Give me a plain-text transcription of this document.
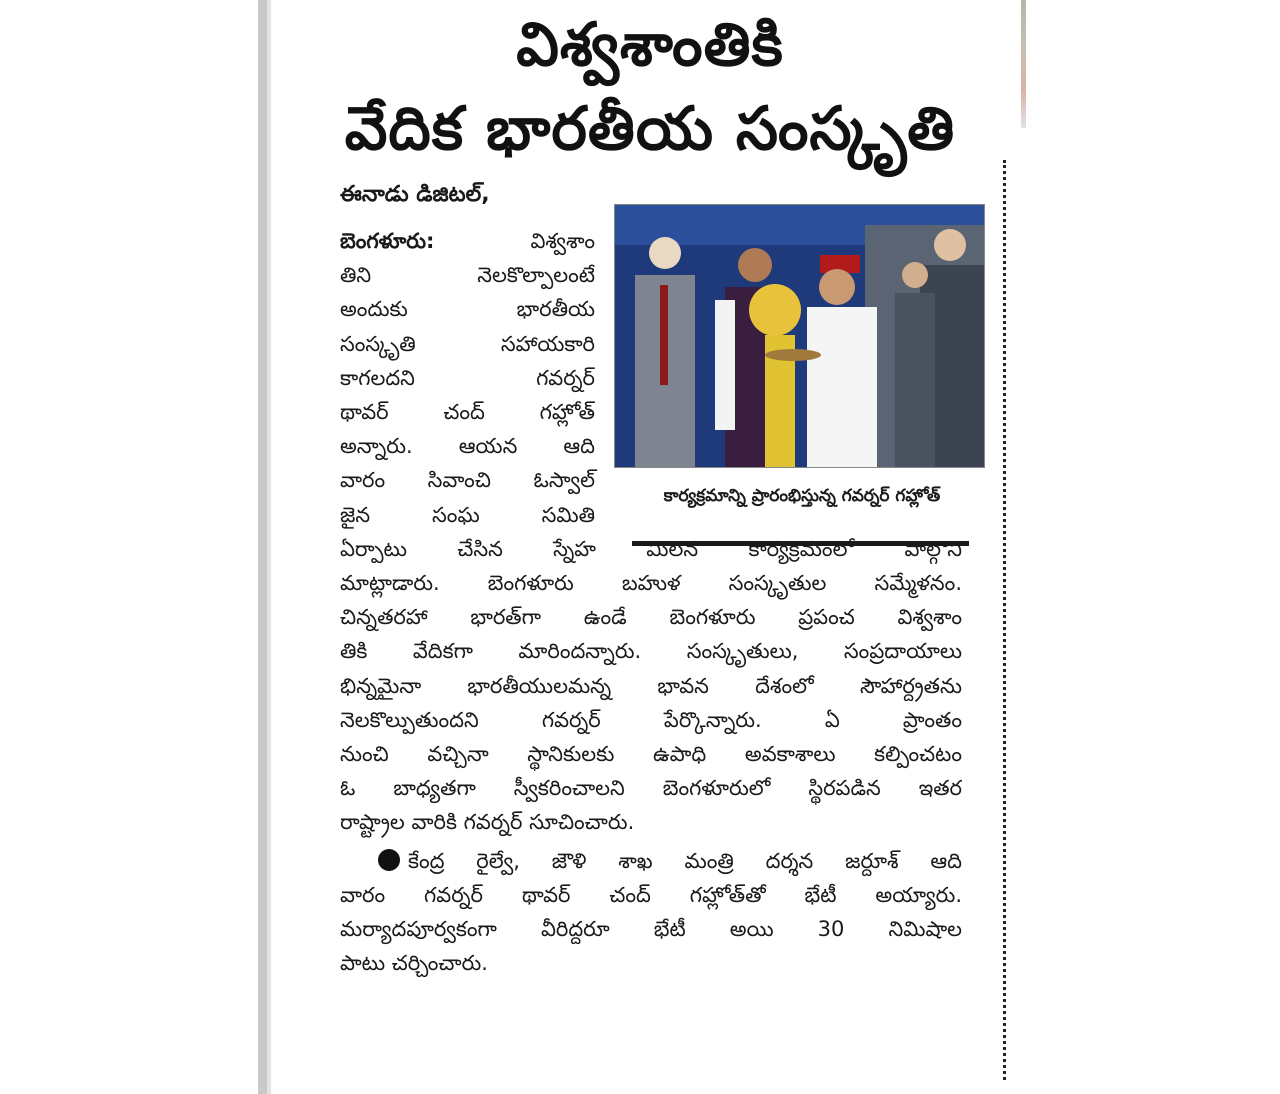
విశ్వశాంతికి
వేదిక భారతీయ సంస్కృతి
ఈనాడు డిజిటల్,
కార్యక్రమాన్ని ప్రారంభిస్తున్న గవర్నర్ గహ్లోత్
బెంగళూరు: విశ్వశాం
తిని నెలకొల్పాలంటే
అందుకు భారతీయ
సంస్కృతి సహాయకారి
కాగలదని గవర్నర్
థావర్ చంద్ గహ్లోత్
అన్నారు. ఆయన ఆది
వారం సివాంచి ఓస్వాల్
జైన సంఘ సమితి
ఏర్పాటు చేసిన స్నేహ మిలన కార్యక్రమంలో పాల్గొని
మాట్లాడారు. బెంగళూరు బహుళ సంస్కృతుల సమ్మేళనం.
చిన్నతరహా భారత్‌గా ఉండే బెంగళూరు ప్రపంచ విశ్వశాం
తికి వేదికగా మారిందన్నారు. సంస్కృతులు, సంప్రదాయాలు
భిన్నమైనా భారతీయులమన్న భావన దేశంలో సౌహార్ద్రతను
నెలకొల్పుతుందని గవర్నర్ పేర్కొన్నారు. ఏ ప్రాంతం
నుంచి వచ్చినా స్థానికులకు ఉపాధి అవకాశాలు కల్పించటం
ఓ బాధ్యతగా స్వీకరించాలని బెంగళూరులో స్థిరపడిన ఇతర
రాష్ట్రాల వారికి గవర్నర్ సూచించారు.
కేంద్ర రైల్వే, జౌళి శాఖ మంత్రి దర్శన జర్దూశ్ ఆది
వారం గవర్నర్ థావర్ చంద్ గహ్లోత్‌తో భేటీ అయ్యారు.
మర్యాదపూర్వకంగా వీరిద్దరూ భేటీ అయి 30 నిమిషాల
పాటు చర్చించారు.
